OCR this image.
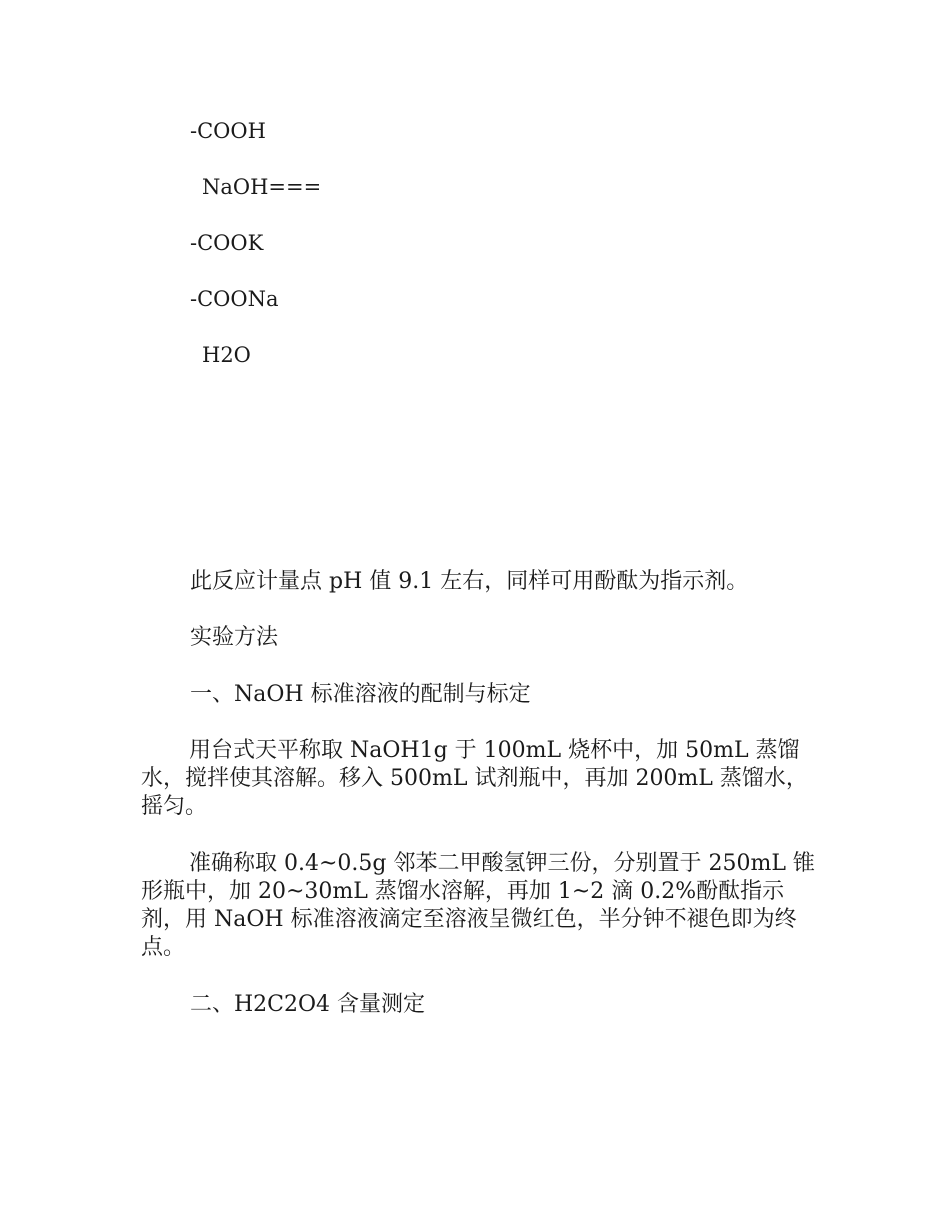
-COOH
NaOH===
-COOK
-COONa
H2O
此反应计量点 pH 值 9.1 左右，同样可用酚酞为指示剂。
实验方法
一、NaOH 标准溶液的配制与标定
用台式天平称取 NaOH1g 于 100mL 烧杯中，加 50mL 蒸馏水，搅拌使其溶解。移入 500mL 试剂瓶中，再加 200mL 蒸馏水，摇匀。
准确称取 0.4~0.5g 邻苯二甲酸氢钾三份，分别置于 250mL 锥形瓶中，加 20~30mL 蒸馏水溶解，再加 1~2 滴 0.2%酚酞指示剂，用 NaOH 标准溶液滴定至溶液呈微红色，半分钟不褪色即为终点。
二、H2C2O4 含量测定
